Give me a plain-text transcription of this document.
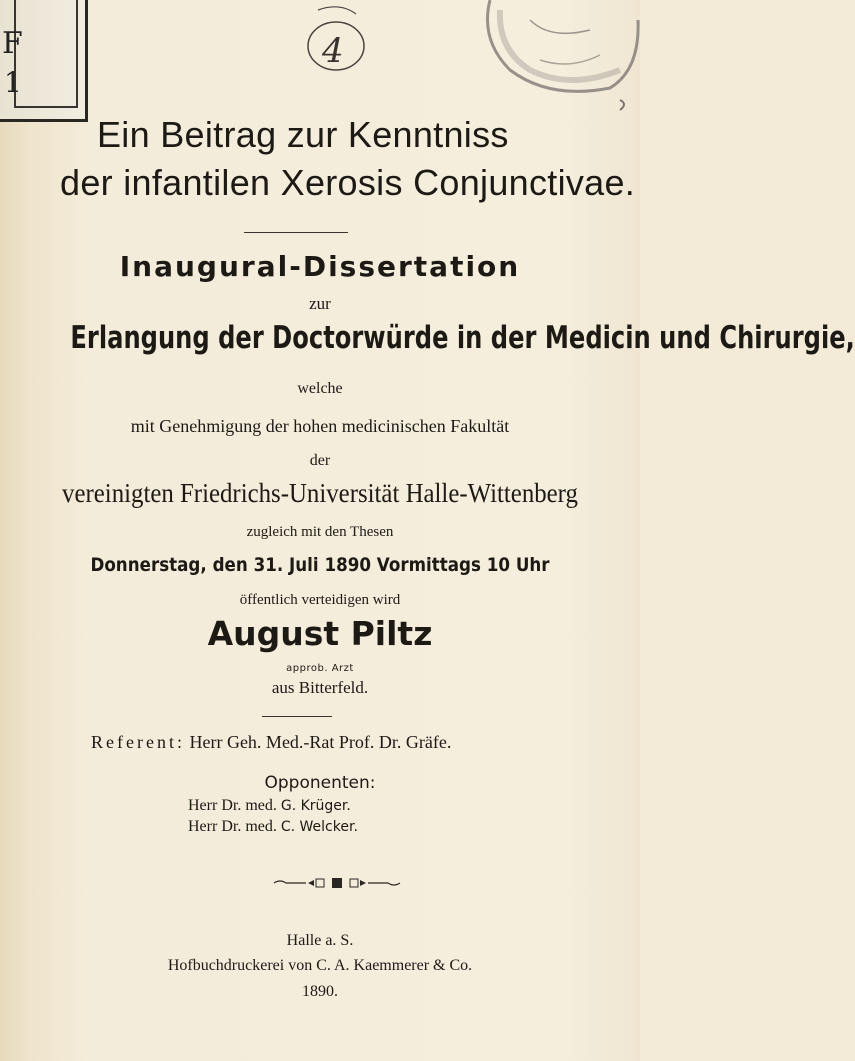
F
1
4
Ein Beitrag zur Kenntniss
der infantilen Xerosis Conjunctivae.
Inaugural-Dissertation
zur
Erlangung der Doctorwürde in der Medicin und Chirurgie,
welche
mit Genehmigung der hohen medicinischen Fakultät
der
vereinigten Friedrichs-Universität Halle-Wittenberg
zugleich mit den Thesen
Donnerstag, den 31. Juli 1890 Vormittags 10 Uhr
öffentlich verteidigen wird
August Piltz
approb. Arzt
aus Bitterfeld.
Referent: Herr Geh. Med.-Rat Prof. Dr. Gräfe.
Opponenten:
Herr Dr. med. G. Krüger.
Herr Dr. med. C. Welcker.
Halle a. S.
Hofbuchdruckerei von C. A. Kaemmerer & Co.
1890.
